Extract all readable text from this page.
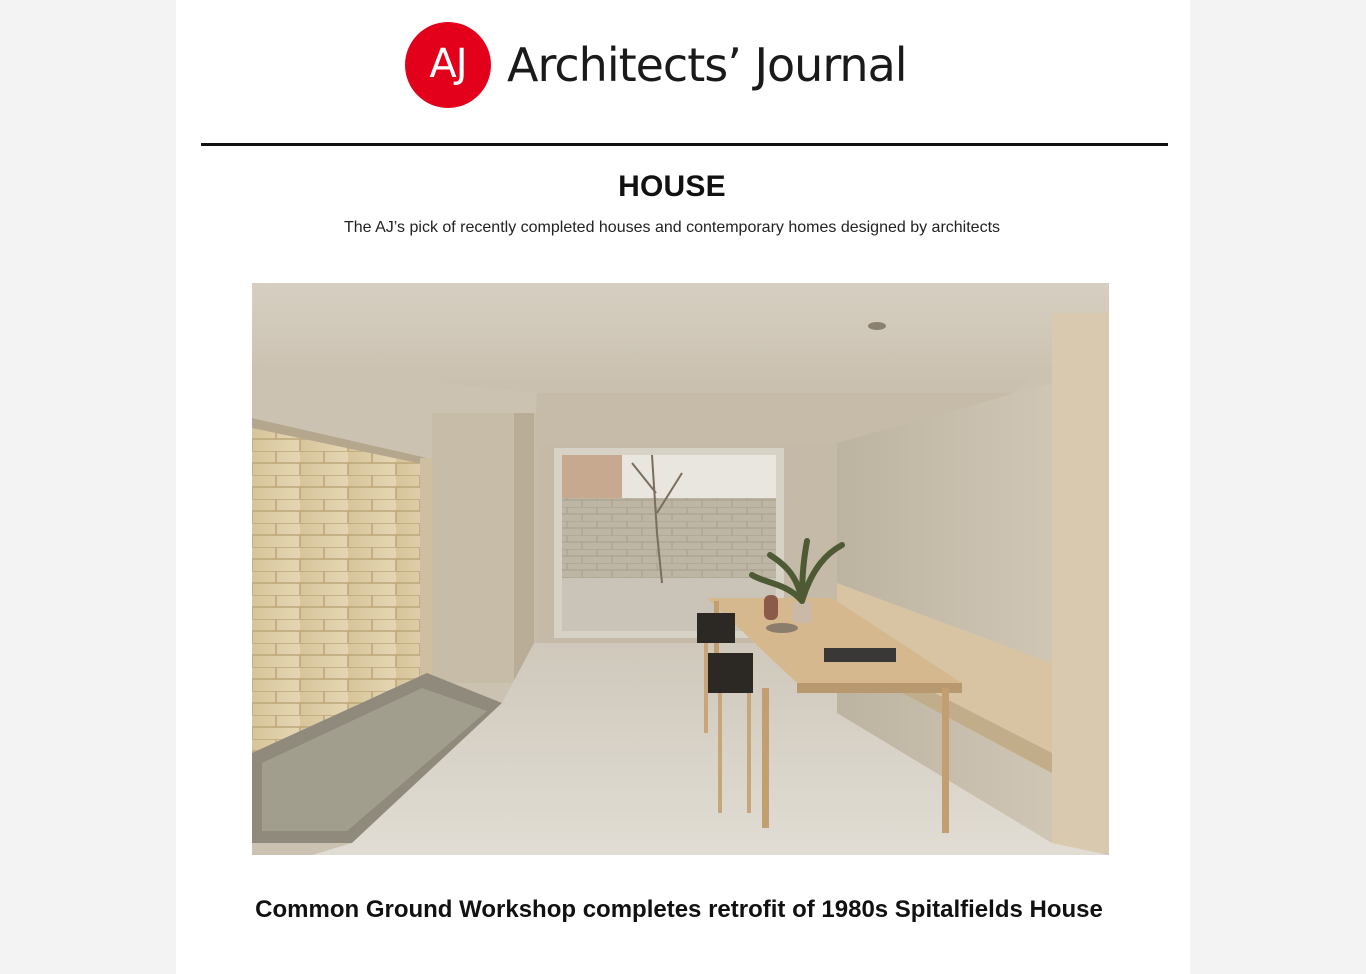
AJ Architects’ Journal
HOUSE

The AJ’s pick of recently completed houses and contemporary homes designed by architects

Common Ground Workshop completes retrofit of 1980s Spitalfields House
